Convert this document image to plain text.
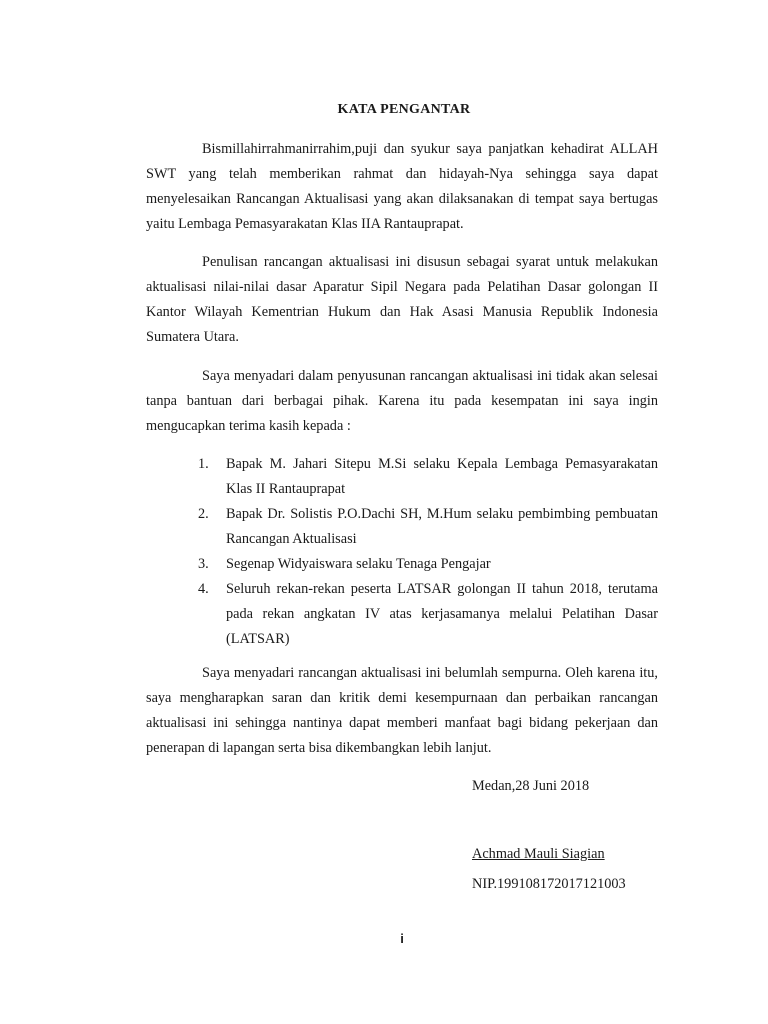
KATA PENGANTAR

Bismillahirrahmanirrahim,puji dan syukur saya panjatkan kehadirat ALLAH SWT yang telah memberikan rahmat dan hidayah-Nya sehingga saya dapat menyelesaikan Rancangan Aktualisasi yang akan dilaksanakan di tempat saya bertugas yaitu Lembaga Pemasyarakatan Klas IIA Rantauprapat.

Penulisan rancangan aktualisasi ini disusun sebagai syarat untuk melakukan aktualisasi nilai-nilai dasar Aparatur Sipil Negara pada Pelatihan Dasar golongan II Kantor Wilayah Kementrian Hukum dan Hak Asasi Manusia Republik Indonesia Sumatera Utara.

Saya menyadari dalam penyusunan rancangan aktualisasi ini tidak akan selesai tanpa bantuan dari berbagai pihak. Karena itu pada kesempatan ini saya ingin mengucapkan terima kasih kepada :

1. Bapak M. Jahari Sitepu M.Si selaku Kepala Lembaga Pemasyarakatan Klas II Rantauprapat
2. Bapak Dr. Solistis P.O.Dachi SH, M.Hum selaku pembimbing pembuatan Rancangan Aktualisasi
3. Segenap Widyaiswara selaku Tenaga Pengajar
4. Seluruh rekan-rekan peserta LATSAR golongan II tahun 2018, terutama pada rekan angkatan IV atas kerjasamanya melalui Pelatihan Dasar (LATSAR)

Saya menyadari rancangan aktualisasi ini belumlah sempurna. Oleh karena itu, saya mengharapkan saran dan kritik demi kesempurnaan dan perbaikan rancangan aktualisasi ini sehingga nantinya dapat memberi manfaat bagi bidang pekerjaan dan penerapan di lapangan serta bisa dikembangkan lebih lanjut.

Medan,28 Juni 2018
Achmad Mauli Siagian
NIP.199108172017121003
i
